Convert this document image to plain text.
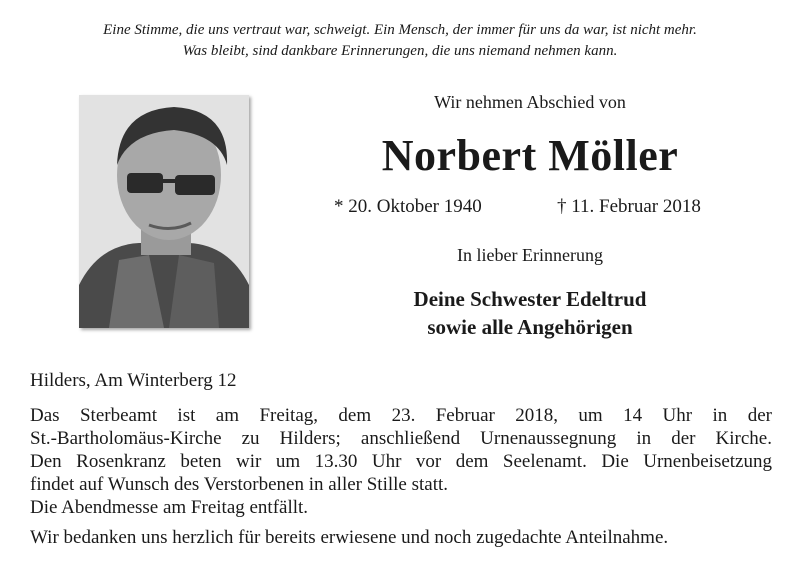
Eine Stimme, die uns vertraut war, schweigt. Ein Mensch, der immer für uns da war, ist nicht mehr.
Was bleibt, sind dankbare Erinnerungen, die uns niemand nehmen kann.
Wir nehmen Abschied von
Norbert Möller
* 20. Oktober 1940	† 11. Februar 2018
In lieber Erinnerung
Deine Schwester Edeltrud
sowie alle Angehörigen
Hilders, Am Winterberg 12
Das Sterbeamt ist am Freitag, dem 23. Februar 2018, um 14 Uhr in der
St.-Bartholomäus-Kirche zu Hilders; anschließend Urnenaussegnung in der Kirche.
Den Rosenkranz beten wir um 13.30 Uhr vor dem Seelenamt. Die Urnenbeisetzung
findet auf Wunsch des Verstorbenen in aller Stille statt.
Die Abendmesse am Freitag entfällt.
Wir bedanken uns herzlich für bereits erwiesene und noch zugedachte Anteilnahme.
